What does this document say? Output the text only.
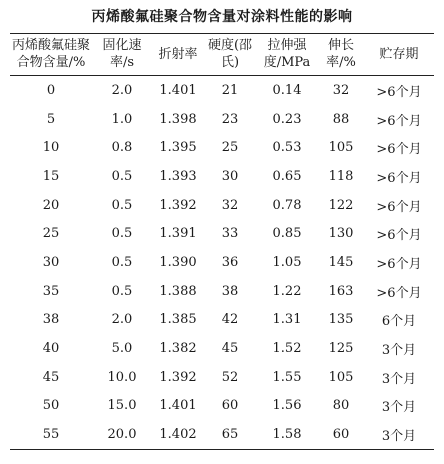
丙烯酸氟硅聚合物含量对涂料性能的影响
丙烯酸氟硅聚合物含量/%	固化速率/s	折射率	硬度(邵氏)	拉伸强度/MPa	伸长率/%	贮存期
0	2.0	1.401	21	0.14	32	>6个月
5	1.0	1.398	23	0.23	88	>6个月
10	0.8	1.395	25	0.53	105	>6个月
15	0.5	1.393	30	0.65	118	>6个月
20	0.5	1.392	32	0.78	122	>6个月
25	0.5	1.391	33	0.85	130	>6个月
30	0.5	1.390	36	1.05	145	>6个月
35	0.5	1.388	38	1.22	163	>6个月
38	2.0	1.385	42	1.31	135	6个月
40	5.0	1.382	45	1.52	125	3个月
45	10.0	1.392	52	1.55	105	3个月
50	15.0	1.401	60	1.56	80	3个月
55	20.0	1.402	65	1.58	60	3个月
